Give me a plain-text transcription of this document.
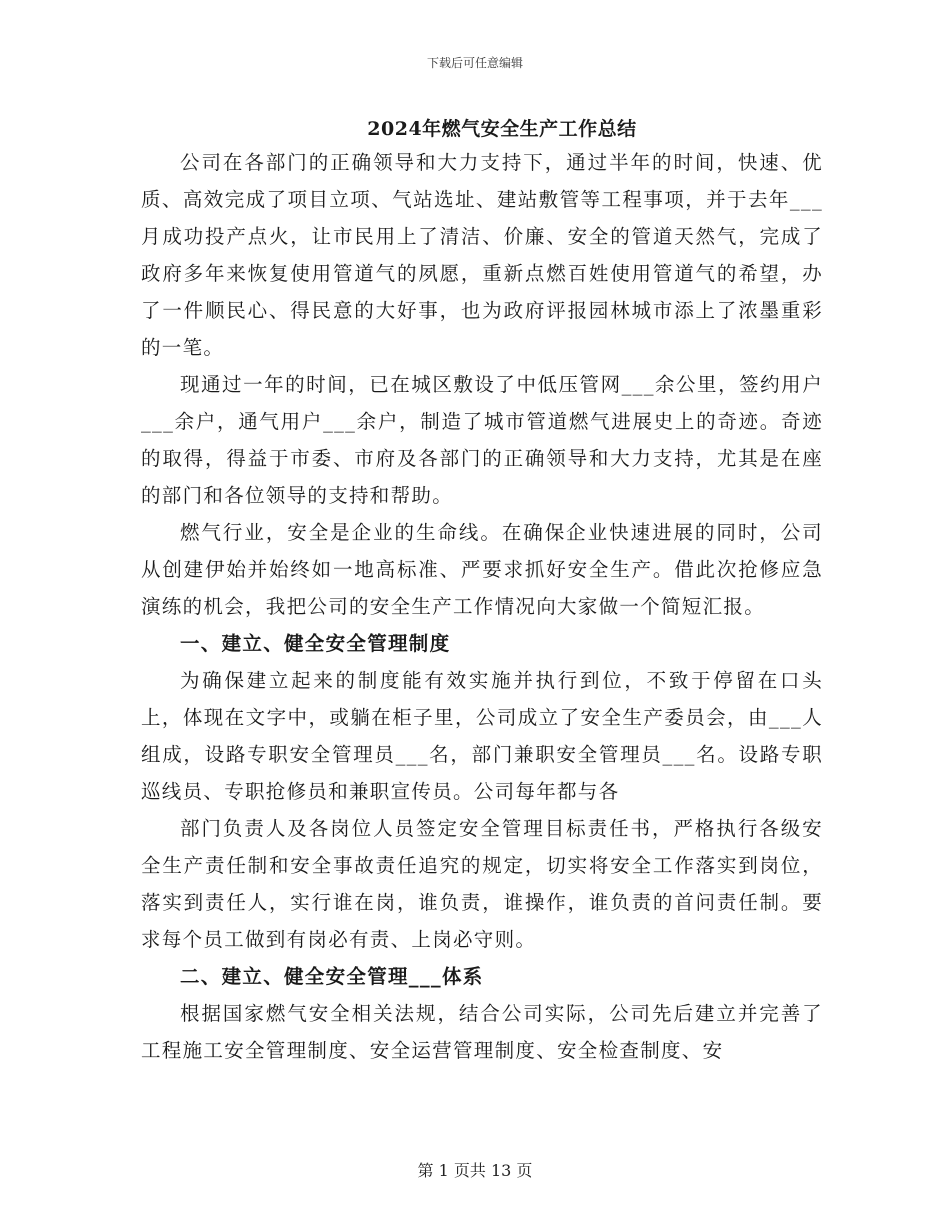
下载后可任意编辑
2024年燃气安全生产工作总结

公司在各部门的正确领导和大力支持下，通过半年的时间，快速、优质、高效完成了项目立项、气站选址、建站敷管等工程事项，并于去年___月成功投产点火，让市民用上了清洁、价廉、安全的管道天然气，完成了政府多年来恢复使用管道气的夙愿，重新点燃百姓使用管道气的希望，办了一件顺民心、得民意的大好事，也为政府评报园林城市添上了浓墨重彩的一笔。

现通过一年的时间，已在城区敷设了中低压管网___余公里，签约用户___余户，通气用户___余户，制造了城市管道燃气进展史上的奇迹。奇迹的取得，得益于市委、市府及各部门的正确领导和大力支持，尤其是在座的部门和各位领导的支持和帮助。

燃气行业，安全是企业的生命线。在确保企业快速进展的同时，公司从创建伊始并始终如一地高标准、严要求抓好安全生产。借此次抢修应急演练的机会，我把公司的安全生产工作情况向大家做一个简短汇报。

一、建立、健全安全管理制度

为确保建立起来的制度能有效实施并执行到位，不致于停留在口头上，体现在文字中，或躺在柜子里，公司成立了安全生产委员会，由___人组成，设路专职安全管理员___名，部门兼职安全管理员___名。设路专职巡线员、专职抢修员和兼职宣传员。公司每年都与各

部门负责人及各岗位人员签定安全管理目标责任书，严格执行各级安全生产责任制和安全事故责任追究的规定，切实将安全工作落实到岗位，落实到责任人，实行谁在岗，谁负责，谁操作，谁负责的首问责任制。要求每个员工做到有岗必有责、上岗必守则。

二、建立、健全安全管理___体系

根据国家燃气安全相关法规，结合公司实际，公司先后建立并完善了工程施工安全管理制度、安全运营管理制度、安全检查制度、安

第 1 页共 13 页
